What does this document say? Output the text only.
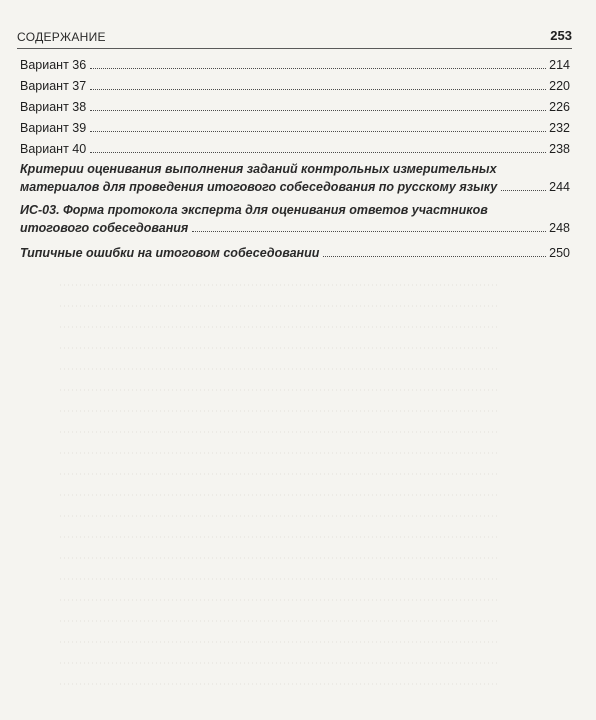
СОДЕРЖАНИЕ	253
Вариант 36	214
Вариант 37	220
Вариант 38	226
Вариант 39	232
Вариант 40	238
Критерии оценивания выполнения заданий контрольных измерительных
материалов для проведения итогового собеседования по русскому языку	244
ИС-03. Форма протокола эксперта для оценивания ответов участников
итогового собеседования	248
Типичные ошибки на итоговом собеседовании	250
